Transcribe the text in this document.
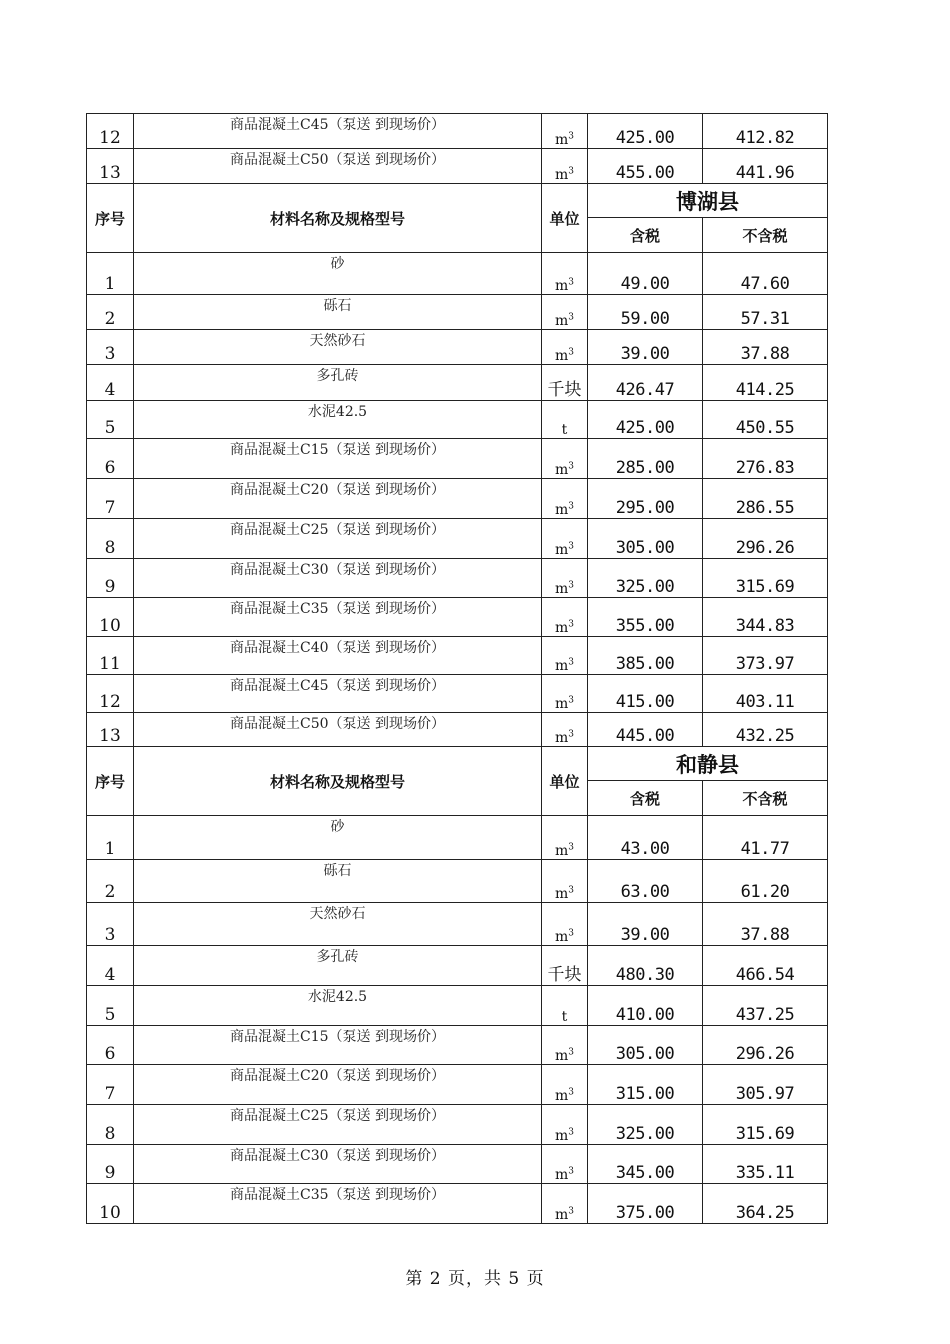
12	商品混凝土C45（泵送 到现场价）	$m^3$	425.00	412.82
13	商品混凝土C50（泵送 到现场价）	$m^3$	455.00	441.96
序号	材料名称及规格型号	单位	博湖县	
			含税	不含税
1	砂	$m^3$	49.00	47.60
2	砾石	$m^3$	59.00	57.31
3	天然砂石	$m^3$	39.00	37.88
4	多孔砖	千块	426.47	414.25
5	水泥42.5	t	425.00	450.55
6	商品混凝土C15（泵送 到现场价）	$m^3$	285.00	276.83
7	商品混凝土C20（泵送 到现场价）	$m^3$	295.00	286.55
8	商品混凝土C25（泵送 到现场价）	$m^3$	305.00	296.26
9	商品混凝土C30（泵送 到现场价）	$m^3$	325.00	315.69
10	商品混凝土C35（泵送 到现场价）	$m^3$	355.00	344.83
11	商品混凝土C40（泵送 到现场价）	$m^3$	385.00	373.97
12	商品混凝土C45（泵送 到现场价）	$m^3$	415.00	403.11
13	商品混凝土C50（泵送 到现场价）	$m^3$	445.00	432.25
序号	材料名称及规格型号	单位	和静县	
			含税	不含税
1	砂	$m^3$	43.00	41.77
2	砾石	$m^3$	63.00	61.20
3	天然砂石	$m^3$	39.00	37.88
4	多孔砖	千块	480.30	466.54
5	水泥42.5	t	410.00	437.25
6	商品混凝土C15（泵送 到现场价）	$m^3$	305.00	296.26
7	商品混凝土C20（泵送 到现场价）	$m^3$	315.00	305.97
8	商品混凝土C25（泵送 到现场价）	$m^3$	325.00	315.69
9	商品混凝土C30（泵送 到现场价）	$m^3$	345.00	335.11
10	商品混凝土C35（泵送 到现场价）	$m^3$	375.00	364.25
第 2 页，共 5 页
